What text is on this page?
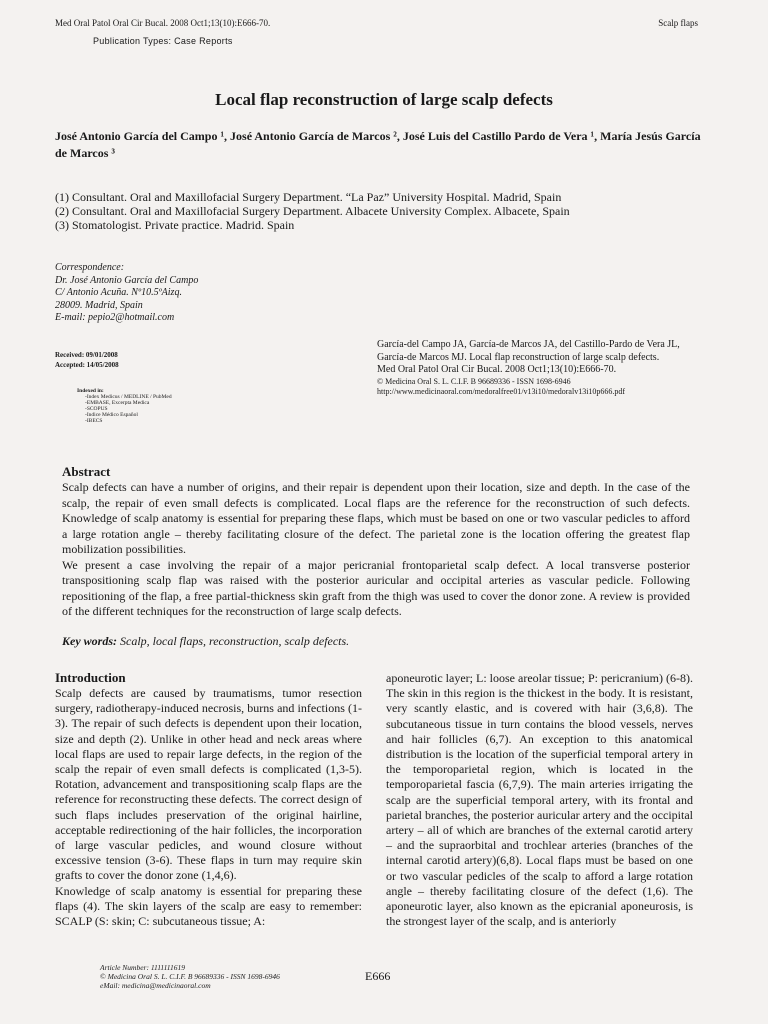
Med Oral Patol Oral Cir Bucal. 2008 Oct1;13(10):E666-70.	Scalp flaps
Publication Types: Case Reports
Local flap reconstruction of large scalp defects
José Antonio García del Campo ¹, José Antonio García de Marcos ², José Luis del Castillo Pardo de Vera ¹, María Jesús García de Marcos ³
(1) Consultant. Oral and Maxillofacial Surgery Department. “La Paz” University Hospital. Madrid, Spain
(2) Consultant. Oral and Maxillofacial Surgery Department. Albacete University Complex. Albacete, Spain
(3) Stomatologist. Private practice. Madrid. Spain
Correspondence:
Dr. José Antonio García del Campo
C/ Antonio Acuña. Nº10.5ºAizq.
28009. Madrid, Spain
E-mail: pepio2@hotmail.com
Received: 09/01/2008
Accepted: 14/05/2008
Indexed in:
-Index Medicus / MEDLINE / PubMed
-EMBASE, Excerpta Medica
-SCOPUS
-Indice Médico Español
-IBECS
García-del Campo JA, García-de Marcos JA, del Castillo-Pardo de Vera JL, García-de Marcos MJ. Local flap reconstruction of large scalp defects.
Med Oral Patol Oral Cir Bucal. 2008 Oct1;13(10):E666-70.
© Medicina Oral S. L. C.I.F. B 96689336 - ISSN 1698-6946
http://www.medicinaoral.com/medoralfree01/v13i10/medoralv13i10p666.pdf
Abstract

Scalp defects can have a number of origins, and their repair is dependent upon their location, size and depth. In the case of the scalp, the repair of even small defects is complicated. Local flaps are the reference for the reconstruction of such defects. Knowledge of scalp anatomy is essential for preparing these flaps, which must be based on one or two vascular pedicles to afford a large rotation angle – thereby facilitating closure of the defect. The parietal zone is the location offering the greatest flap mobilization possibilities.

We present a case involving the repair of a major pericranial frontoparietal scalp defect. A local transverse posterior transpositioning scalp flap was raised with the posterior auricular and occipital arteries as vascular pedicle. Following repositioning of the flap, a free partial-thickness skin graft from the thigh was used to cover the donor zone. A review is provided of the different techniques for the reconstruction of large scalp defects.

Key words: Scalp, local flaps, reconstruction, scalp defects.

Introduction

Scalp defects are caused by traumatisms, tumor resection surgery, radiotherapy-induced necrosis, burns and infections (1-3). The repair of such defects is dependent upon their location, size and depth (2). Unlike in other head and neck areas where local flaps are used to repair large defects, in the region of the scalp the repair of even small defects is complicated (1,3-5). Rotation, advancement and transpositioning scalp flaps are the reference for reconstructing these defects. The correct design of such flaps includes preservation of the original hairline, acceptable redirectioning of the hair follicles, the incorporation of large vascular pedicles, and wound closure without excessive tension (3-6). These flaps in turn may require skin grafts to cover the donor zone (1,4,6).

Knowledge of scalp anatomy is essential for preparing these flaps (4). The skin layers of the scalp are easy to remember: SCALP (S: skin; C: subcutaneous tissue; A:

aponeurotic layer; L: loose areolar tissue; P: pericranium) (6-8). The skin in this region is the thickest in the body. It is resistant, very scantly elastic, and is covered with hair (3,6,8). The subcutaneous tissue in turn contains the blood vessels, nerves and hair follicles (6,7). An exception to this anatomical distribution is the location of the superficial temporal artery in the temporoparietal region, which is located in the temporoparietal fascia (6,7,9). The main arteries irrigating the scalp are the superficial temporal artery, with its frontal and parietal branches, the posterior auricular artery and the occipital artery – all of which are branches of the external carotid artery – and the supraorbital and trochlear arteries (branches of the internal carotid artery)(6,8). Local flaps must be based on one or two vascular pedicles of the scalp to afford a large rotation angle – thereby facilitating closure of the defect (1,6). The aponeurotic layer, also known as the epicranial aponeurosis, is the strongest layer of the scalp, and is anteriorly

Article Number: 1111111619
© Medicina Oral S. L. C.I.F. B 96689336 - ISSN 1698-6946
eMail: medicina@medicinaoral.com
E666
